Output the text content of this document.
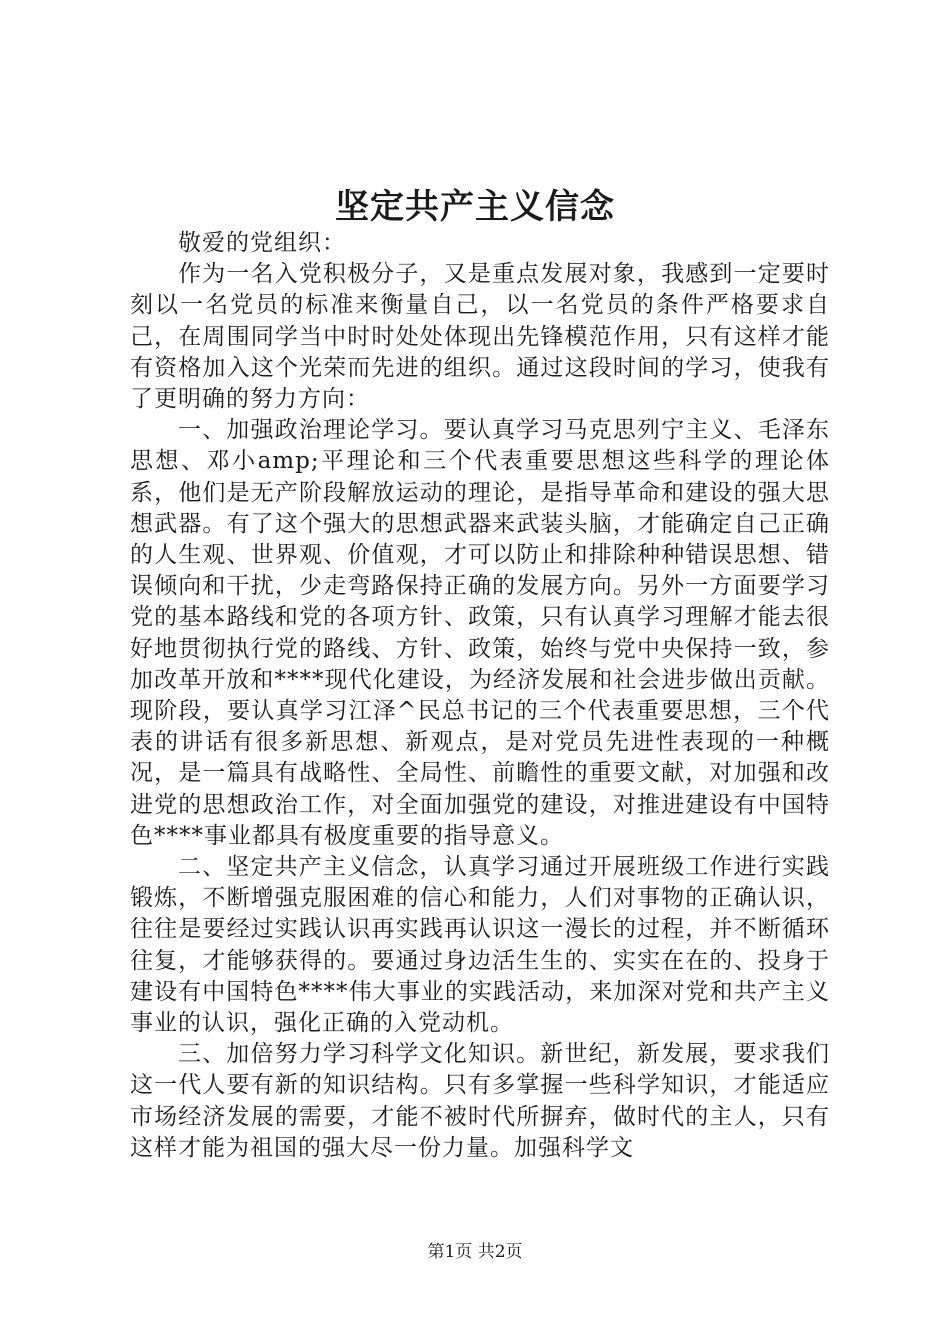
坚定共产主义信念

敬爱的党组织：

作为一名入党积极分子，又是重点发展对象，我感到一定要时刻以一名党员的标准来衡量自己，以一名党员的条件严格要求自己，在周围同学当中时时处处体现出先锋模范作用，只有这样才能有资格加入这个光荣而先进的组织。通过这段时间的学习，使我有了更明确的努力方向：

一、加强政治理论学习。要认真学习马克思列宁主义、毛泽东思想、邓小amp;平理论和三个代表重要思想这些科学的理论体系，他们是无产阶段解放运动的理论，是指导革命和建设的强大思想武器。有了这个强大的思想武器来武装头脑，才能确定自己正确的人生观、世界观、价值观，才可以防止和排除种种错误思想、错误倾向和干扰，少走弯路保持正确的发展方向。另外一方面要学习党的基本路线和党的各项方针、政策，只有认真学习理解才能去很好地贯彻执行党的路线、方针、政策，始终与党中央保持一致，参加改革开放和****现代化建设，为经济发展和社会进步做出贡献。现阶段，要认真学习江泽^民总书记的三个代表重要思想，三个代表的讲话有很多新思想、新观点，是对党员先进性表现的一种概况，是一篇具有战略性、全局性、前瞻性的重要文献，对加强和改进党的思想政治工作，对全面加强党的建设，对推进建设有中国特色****事业都具有极度重要的指导意义。

二、坚定共产主义信念，认真学习通过开展班级工作进行实践锻炼，不断增强克服困难的信心和能力，人们对事物的正确认识，往往是要经过实践认识再实践再认识这一漫长的过程，并不断循环往复，才能够获得的。要通过身边活生生的、实实在在的、投身于建设有中国特色****伟大事业的实践活动，来加深对党和共产主义事业的认识，强化正确的入党动机。

三、加倍努力学习科学文化知识。新世纪，新发展，要求我们这一代人要有新的知识结构。只有多掌握一些科学知识，才能适应市场经济发展的需要，才能不被时代所摒弃，做时代的主人，只有这样才能为祖国的强大尽一份力量。加强科学文

第1页 共2页
